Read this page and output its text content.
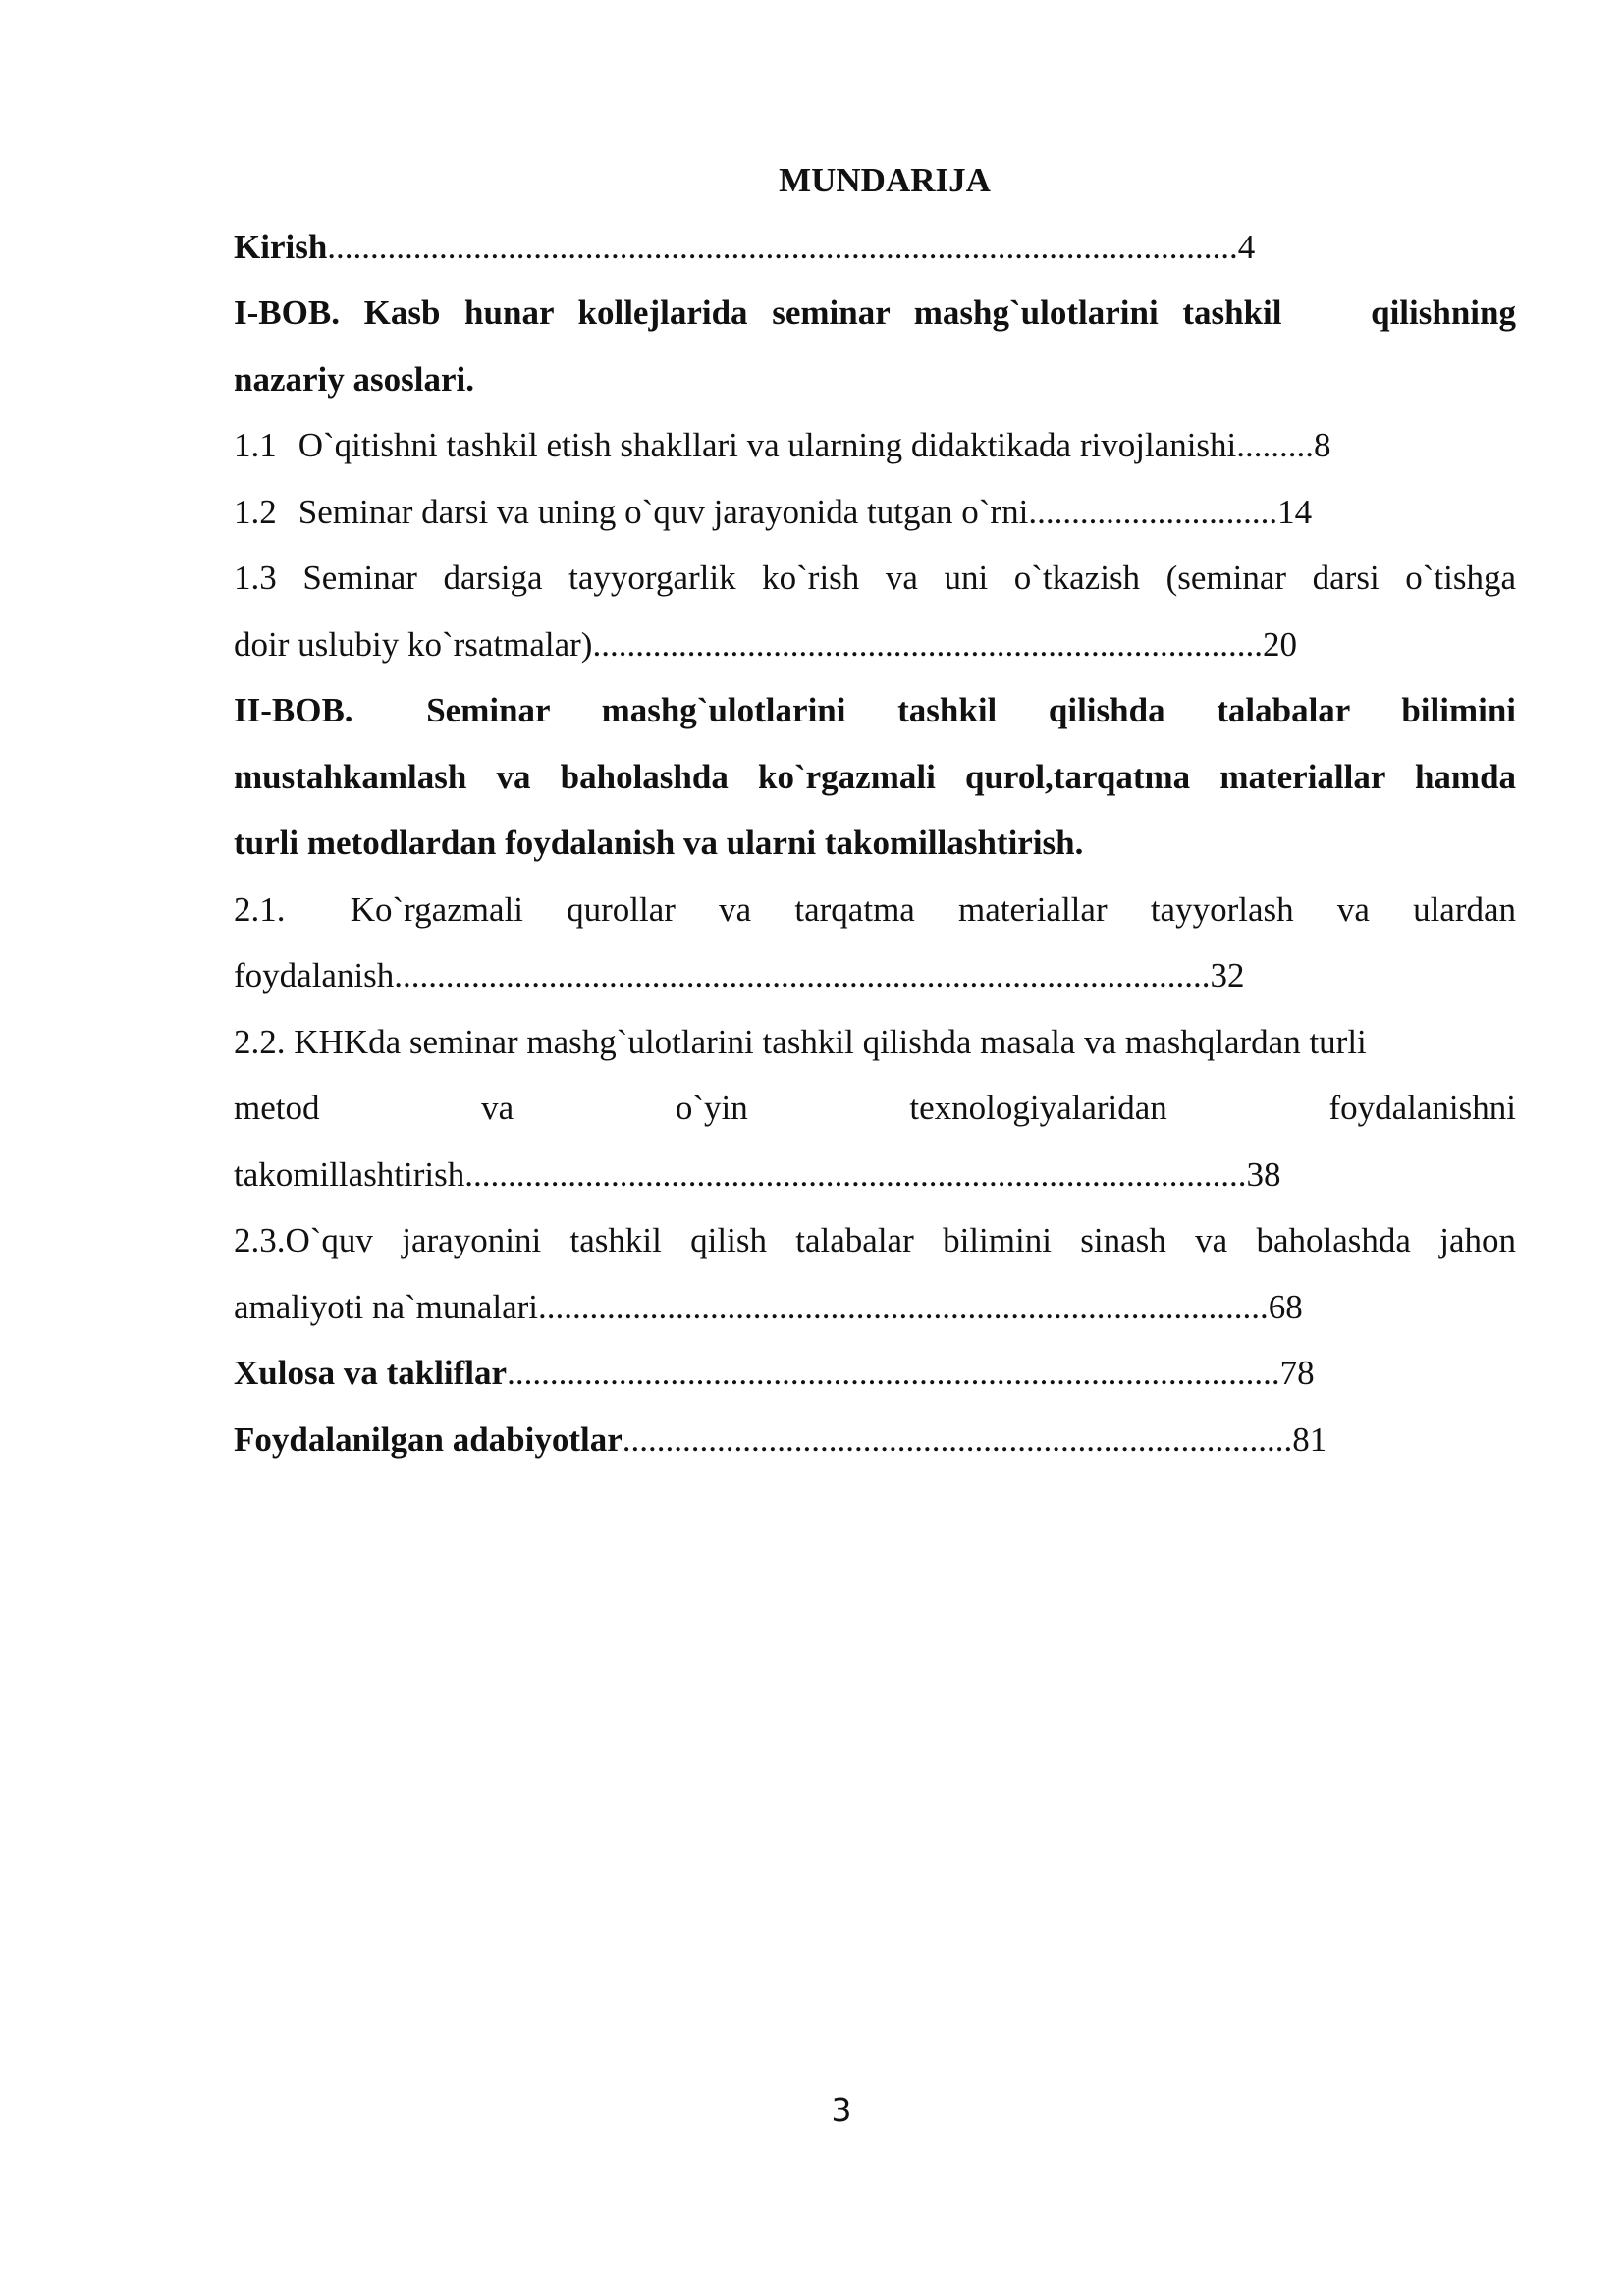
MUNDARIJA
Kirish..........................................................................................................4
I-BOB. Kasb hunar kollejlarida seminar mashg`ulotlarini tashkil	qilishning
nazariy asoslari.
1.1 O`qitishni tashkil etish shakllari va ularning didaktikada rivojlanishi.........8
1.2 Seminar darsi va uning o`quv jarayonida tutgan o`rni.............................14
1.3 Seminar darsiga tayyorgarlik ko`rish va uni o`tkazish (seminar darsi o`tishga
doir uslubiy ko`rsatmalar)..............................................................................20
II-BOB. Seminar mashg`ulotlarini tashkil qilishda talabalar bilimini
mustahkamlash va baholashda ko`rgazmali qurol,tarqatma materiallar hamda
turli metodlardan foydalanish va ularni takomillashtirish.
2.1. Ko`rgazmali qurollar va tarqatma materiallar tayyorlash va ulardan
foydalanish...............................................................................................32
2.2. KHKda seminar mashg`ulotlarini tashkil qilishda masala va mashqlardan turli
metod	va	o`yin	texnologiyalaridan	foydalanishni
takomillashtirish...........................................................................................38
2.3.O`quv jarayonini tashkil qilish talabalar bilimini sinash va baholashda jahon
amaliyoti na`munalari.....................................................................................68
Xulosa va takliflar..........................................................................................78
Foydalanilgan adabiyotlar..............................................................................81
3
